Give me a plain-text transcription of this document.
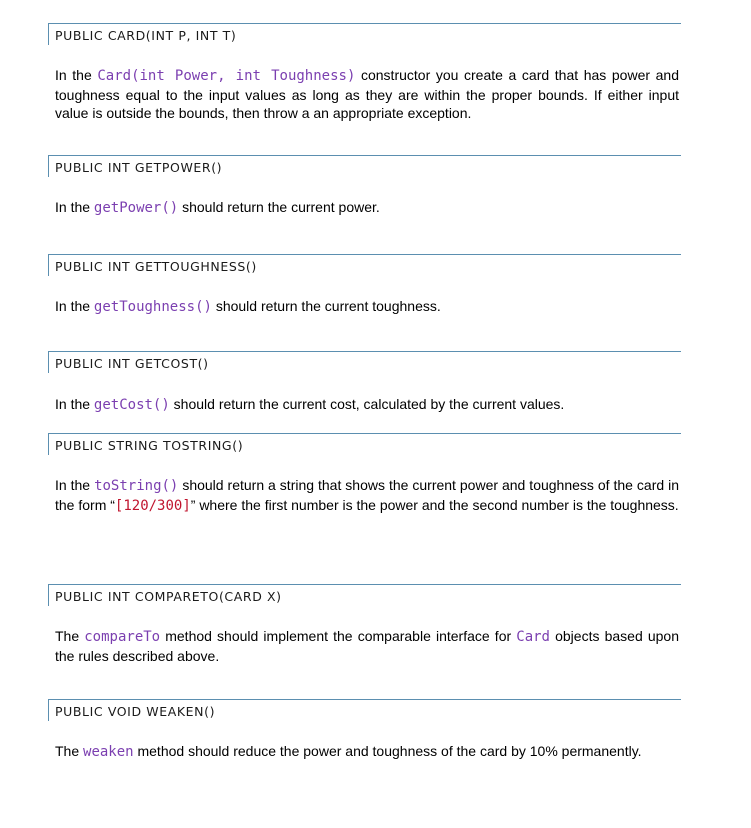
PUBLIC CARD(INT P, INT T)
In the Card(int Power, int Toughness) constructor you create a card that has power and toughness equal to the input values as long as they are within the proper bounds. If either input value is outside the bounds, then throw a an appropriate exception.
PUBLIC INT GETPOWER()
In the getPower() should return the current power.
PUBLIC INT GETTOUGHNESS()
In the getToughness() should return the current toughness.
PUBLIC INT GETCOST()
In the getCost() should return the current cost, calculated by the current values.
PUBLIC STRING TOSTRING()
In the toString() should return a string that shows the current power and toughness of the card in the form “[120/300]” where the first number is the power and the second number is the toughness.
PUBLIC INT COMPARETO(CARD X)
The compareTo method should implement the comparable interface for Card objects based upon the rules described above.
PUBLIC VOID WEAKEN()
The weaken method should reduce the power and toughness of the card by 10% permanently.
